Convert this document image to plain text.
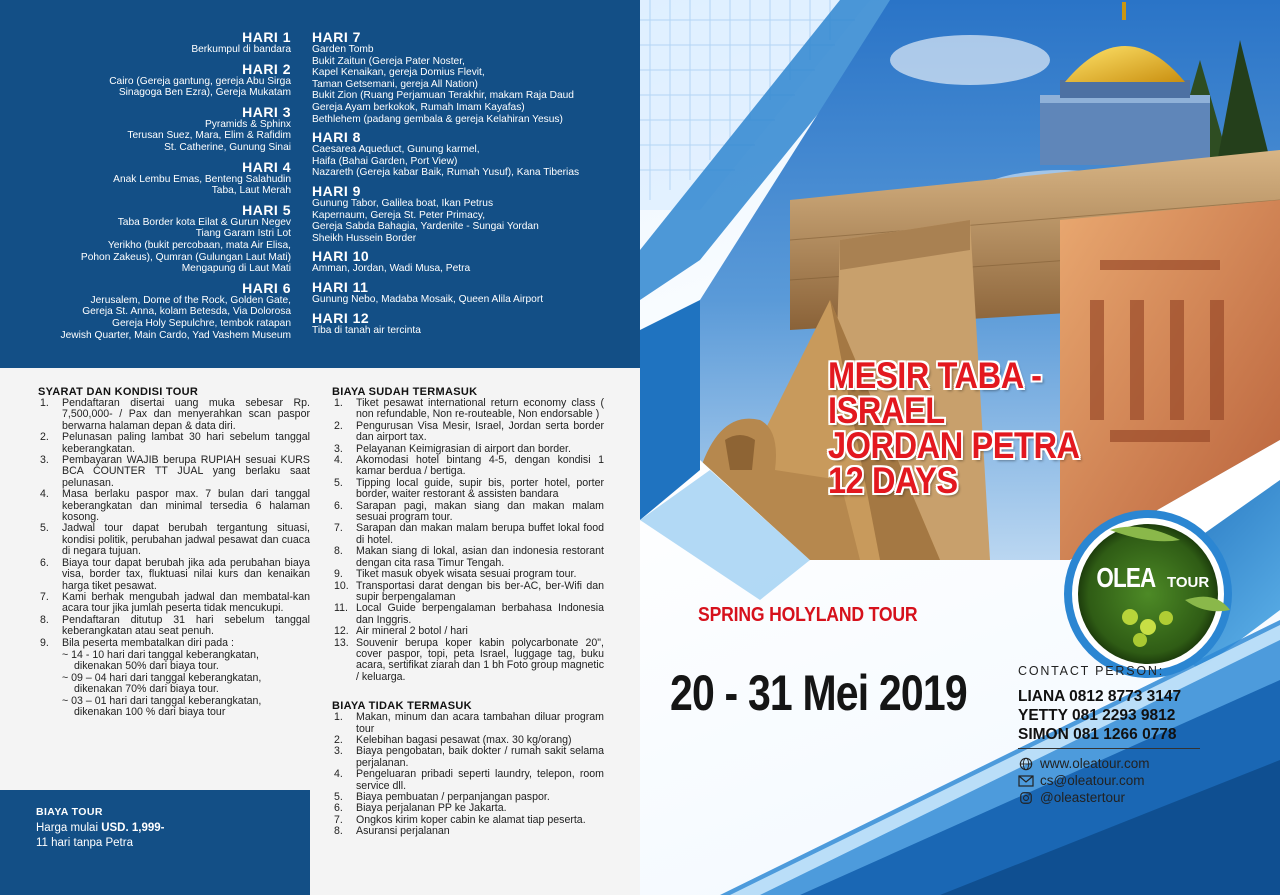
HARI 1

Berkumpul di bandara

HARI 2

Cairo (Gereja gantung, gereja Abu Sirga
Sinagoga Ben Ezra), Gereja Mukatam

HARI 3

Pyramids & Sphinx
Terusan Suez, Mara, Elim & Rafidim
St. Catherine, Gunung Sinai

HARI 4

Anak Lembu Emas, Benteng Salahudin
Taba, Laut Merah

HARI 5

Taba Border kota Eilat & Gurun Negev
Tiang Garam Istri Lot
Yerikho (bukit percobaan, mata Air Elisa,
Pohon Zakeus), Qumran (Gulungan Laut Mati)
Mengapung di Laut Mati

HARI 6

Jerusalem, Dome of the Rock, Golden Gate,
Gereja St. Anna, kolam Betesda, Via Dolorosa
Gereja Holy Sepulchre, tembok ratapan
Jewish Quarter, Main Cardo, Yad Vashem Museum

HARI 7

Garden Tomb
Bukit Zaitun (Gereja Pater Noster,
Kapel Kenaikan, gereja Domius Flevit,
Taman Getsemani, gereja All Nation)
Bukit Zion (Ruang Perjamuan Terakhir, makam Raja Daud
Gereja Ayam berkokok, Rumah Imam Kayafas)
Bethlehem (padang gembala & gereja Kelahiran Yesus)

HARI 8

Caesarea Aqueduct, Gunung karmel,
Haifa (Bahai Garden, Port View)
Nazareth (Gereja kabar Baik, Rumah Yusuf), Kana Tiberias

HARI 9

Gunung Tabor, Galilea boat, Ikan Petrus
Kapernaum, Gereja St. Peter Primacy,
Gereja Sabda Bahagia, Yardenite - Sungai Yordan
Sheikh Hussein Border

HARI 10

Amman, Jordan, Wadi Musa, Petra

HARI 11

Gunung Nebo, Madaba Mosaik, Queen Alila Airport

HARI 12

Tiba di tanah air tercinta

SYARAT DAN KONDISI TOUR
1. Pendaftaran disertai uang muka sebesar Rp. 7,500,000- / Pax dan menyerahkan scan paspor berwarna halaman depan & data diri.
2. Pelunasan paling lambat 30 hari sebelum tanggal keberangkatan.
3. Pembayaran WAJIB berupa RUPIAH sesuai KURS BCA COUNTER TT JUAL yang berlaku saat pelunasan.
4. Masa berlaku paspor max. 7 bulan dari tanggal keberangkatan dan minimal tersedia 6 halaman kosong.
5. Jadwal tour dapat berubah tergantung situasi, kondisi politik, perubahan jadwal pesawat dan cuaca di negara tujuan.
6. Biaya tour dapat berubah jika ada perubahan biaya visa, border tax, fluktuasi nilai kurs dan kenaikan harga tiket pesawat.
7. Kami berhak mengubah jadwal dan membatal-kan acara tour jika jumlah peserta tidak mencukupi.
8. Pendaftaran ditutup 31 hari sebelum tanggal keberangkatan atau seat penuh.
9. Bila peserta membatalkan diri pada :
~ 14 - 10 hari dari tanggal keberangkatan, dikenakan 50% dari biaya tour.
~ 09 – 04 hari dari tanggal keberangkatan, dikenakan 70% dari biaya tour.
~ 03 – 01 hari dari tanggal keberangkatan, dikenakan 100 % dari biaya tour
BIAYA SUDAH TERMASUK
1. Tiket pesawat international return economy class ( non refundable, Non re-routeable, Non endorsable )
2. Pengurusan Visa Mesir, Israel, Jordan serta border dan airport tax.
3. Pelayanan Keimigrasian di airport dan border.
4. Akomodasi hotel bintang 4-5, dengan kondisi 1 kamar berdua / bertiga.
5. Tipping local guide, supir bis, porter hotel, porter border, waiter restorant & assisten bandara
6. Sarapan pagi, makan siang dan makan malam sesuai program tour.
7. Sarapan dan makan malam berupa buffet lokal food di hotel.
8. Makan siang di lokal, asian dan indonesia restorant dengan cita rasa Timur Tengah.
9. Tiket masuk obyek wisata sesuai program tour.
10. Transportasi darat dengan bis ber-AC, ber-Wifi dan supir berpengalaman
11. Local Guide berpengalaman berbahasa Indonesia dan Inggris.
12. Air mineral 2 botol / hari
13. Souvenir berupa koper kabin polycarbonate 20", cover paspor, topi, peta Israel, luggage tag, buku acara, sertifikat ziarah dan 1 bh Foto group magnetic / keluarga.
BIAYA TIDAK TERMASUK
1. Makan, minum dan acara tambahan diluar program tour
2. Kelebihan bagasi pesawat (max. 30 kg/orang)
3. Biaya pengobatan, baik dokter / rumah sakit selama perjalanan.
4. Pengeluaran pribadi seperti laundry, telepon, room service dll.
5. Biaya pembuatan / perpanjangan paspor.
6. Biaya perjalanan PP ke Jakarta.
7. Ongkos kirim koper cabin ke alamat tiap peserta.
8. Asuransi perjalanan
BIAYA TOUR
Harga mulai USD. 1,999-
11 hari tanpa Petra
MESIR TABA - ISRAEL
JORDAN PETRA
12 DAYS
OLEA TOUR
SPRING HOLYLAND TOUR
20 - 31 Mei 2019	CONTACT PERSON:
LIANA 0812 8773 3147
YETTY 081 2293 9812
SIMON 081 1266 0778
www.oleatour.com
cs@oleatour.com
@oleastertour
